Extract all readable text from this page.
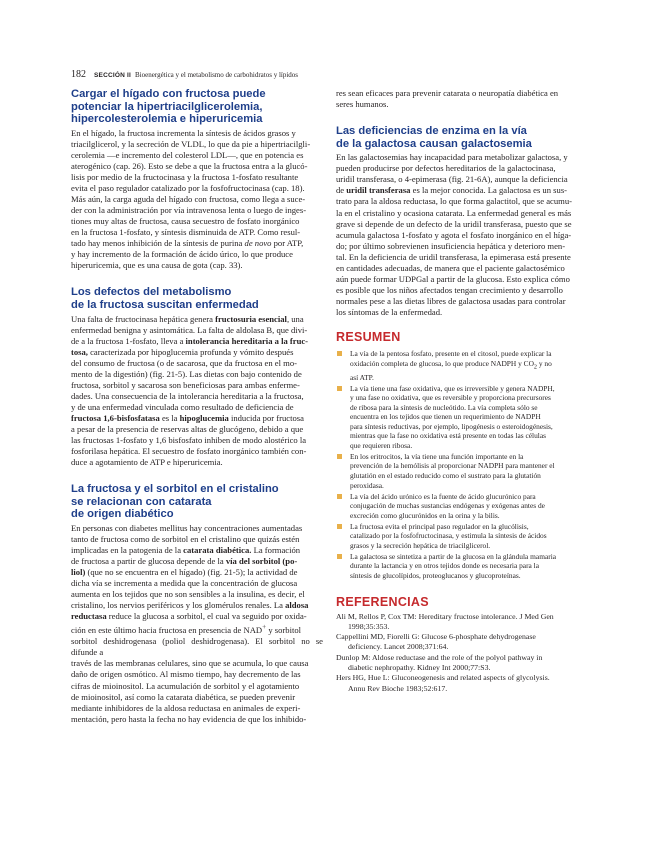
182 SECCIÓN II Bioenergética y el metabolismo de carbohidratos y lípidos
Cargar el hígado con fructosa puede
potenciar la hipertriacilglicerolemia,
hipercolesterolemia e hiperuricemia

En el hígado, la fructosa incrementa la síntesis de ácidos grasos y
triacilglicerol, y la secreción de VLDL, lo que da pie a hipertriacilgli-
cerolemia —e incremento del colesterol LDL—, que en potencia es
aterogénico (cap. 26). Esto se debe a que la fructosa entra a la glucó-
lisis por medio de la fructocinasa y la fructosa 1-fosfato resultante
evita el paso regulador catalizado por la fosfofructocinasa (cap. 18).
Más aún, la carga aguda del hígado con fructosa, como llega a suce-
der con la administración por vía intravenosa lenta o luego de inges-
tiones muy altas de fructosa, causa secuestro de fosfato inorgánico
en la fructosa 1-fosfato, y síntesis disminuida de ATP. Como resul-
tado hay menos inhibición de la síntesis de purina de novo por ATP,
y hay incremento de la formación de ácido úrico, lo que produce
hiperuricemia, que es una causa de gota (cap. 33).

Los defectos del metabolismo
de la fructosa suscitan enfermedad

Una falta de fructocinasa hepática genera fructosuria esencial, una
enfermedad benigna y asintomática. La falta de aldolasa B, que divi-
de a la fructosa 1-fosfato, lleva a intolerancia hereditaria a la fruc-
tosa, caracterizada por hipoglucemia profunda y vómito después
del consumo de fructosa (o de sacarosa, que da fructosa en el mo-
mento de la digestión) (fig. 21-5). Las dietas con bajo contenido de
fructosa, sorbitol y sacarosa son beneficiosas para ambas enferme-
dades. Una consecuencia de la intolerancia hereditaria a la fructosa,
y de una enfermedad vinculada como resultado de deficiencia de
fructosa 1,6-bisfosfatasa es la hipoglucemia inducida por fructosa
a pesar de la presencia de reservas altas de glucógeno, debido a que
las fructosas 1-fosfato y 1,6 bisfosfato inhiben de modo alostérico la
fosforilasa hepática. El secuestro de fosfato inorgánico también con-
duce a agotamiento de ATP e hiperuricemia.

La fructosa y el sorbitol en el cristalino
se relacionan con catarata
de origen diabético

En personas con diabetes mellitus hay concentraciones aumentadas
tanto de fructosa como de sorbitol en el cristalino que quizás estén
implicadas en la patogenia de la catarata diabética. La formación
de fructosa a partir de glucosa depende de la vía del sorbitol (po-
liol) (que no se encuentra en el hígado) (fig. 21-5); la actividad de
dicha vía se incrementa a medida que la concentración de glucosa
aumenta en los tejidos que no son sensibles a la insulina, es decir, el
cristalino, los nervios periféricos y los glomérulos renales. La aldosa
reductasa reduce la glucosa a sorbitol, el cual va seguido por oxida-
ción en este último hacia fructosa en presencia de NAD+ y sorbitol
sorbitol deshidrogenasa (poliol deshidrogenasa). El sorbitol no se difunde a
través de las membranas celulares, sino que se acumula, lo que causa
daño de origen osmótico. Al mismo tiempo, hay decremento de las
cifras de mioinositol. La acumulación de sorbitol y el agotamiento
de mioinositol, así como la catarata diabética, se pueden prevenir
mediante inhibidores de la aldosa reductasa en animales de experi-
mentación, pero hasta la fecha no hay evidencia de que los inhibido-

res sean eficaces para prevenir catarata o neuropatía diabética en
seres humanos.

Las deficiencias de enzima en la vía
de la galactosa causan galactosemia

En las galactosemias hay incapacidad para metabolizar galactosa, y
pueden producirse por defectos hereditarios de la galactocinasa,
uridil transferasa, o 4-epimerasa (fig. 21-6A), aunque la deficiencia
de uridil transferasa es la mejor conocida. La galactosa es un sus-
trato para la aldosa reductasa, lo que forma galactitol, que se acumu-
la en el cristalino y ocasiona catarata. La enfermedad general es más
grave si depende de un defecto de la uridil transferasa, puesto que se
acumula galactosa 1-fosfato y agota el fosfato inorgánico en el híga-
do; por último sobrevienen insuficiencia hepática y deterioro men-
tal. En la deficiencia de uridil transferasa, la epimerasa está presente
en cantidades adecuadas, de manera que el paciente galactosémico
aún puede formar UDPGal a partir de la glucosa. Esto explica cómo
es posible que los niños afectados tengan crecimiento y desarrollo
normales pese a las dietas libres de galactosa usadas para controlar
los síntomas de la enfermedad.

RESUMEN
La vía de la pentosa fosfato, presente en el citosol, puede explicar la
oxidación completa de glucosa, lo que produce NADPH y $CO_2$ y no
así ATP.
La vía tiene una fase oxidativa, que es irreversible y genera NADPH,
y una fase no oxidativa, que es reversible y proporciona precursores
de ribosa para la síntesis de nucleótido. La vía completa sólo se
encuentra en los tejidos que tienen un requerimiento de NADPH
para síntesis reductivas, por ejemplo, lipogénesis o esteroidogénesis,
mientras que la fase no oxidativa está presente en todas las células
que requieren ribosa.
En los eritrocitos, la vía tiene una función importante en la
prevención de la hemólisis al proporcionar NADPH para mantener el
glutatión en el estado reducido como el sustrato para la glutatión
peroxidasa.
La vía del ácido urónico es la fuente de ácido glucurónico para
conjugación de muchas sustancias endógenas y exógenas antes de
excreción como glucurónidos en la orina y la bilis.
La fructosa evita el principal paso regulador en la glucólisis,
catalizado por la fosfofructocinasa, y estimula la síntesis de ácidos
grasos y la secreción hepática de triacilglicerol.
La galactosa se sintetiza a partir de la glucosa en la glándula mamaria
durante la lactancia y en otros tejidos donde es necesaria para la
síntesis de glucolípidos, proteoglucanos y glucoproteínas.
REFERENCIAS
Ali M, Rellos P, Cox TM: Hereditary fructose intolerance. J Med Gen
1998;35:353.
Cappellini MD, Fiorelli G: Glucose 6-phosphate dehydrogenase
deficiency. Lancet 2008;371:64.
Dunlop M: Aldose reductase and the role of the polyol pathway in
diabetic nephropathy. Kidney Int 2000;77:S3.
Hers HG, Hue L: Gluconeogenesis and related aspects of glycolysis.
Annu Rev Bioche 1983;52:617.
